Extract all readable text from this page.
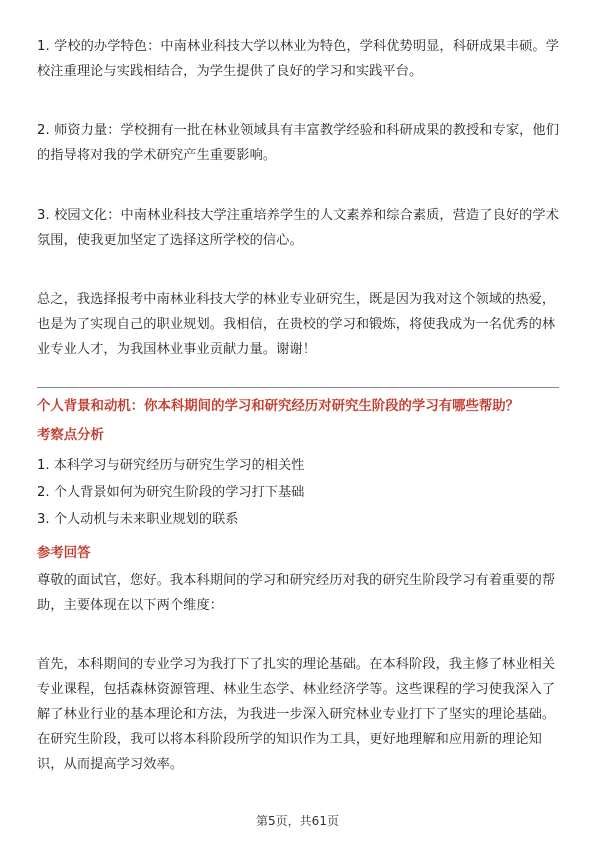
1. 学校的办学特色：中南林业科技大学以林业为特色，学科优势明显，科研成果丰硕。学校注重理论与实践相结合，为学生提供了良好的学习和实践平台。

2. 师资力量：学校拥有一批在林业领域具有丰富教学经验和科研成果的教授和专家，他们的指导将对我的学术研究产生重要影响。

3. 校园文化：中南林业科技大学注重培养学生的人文素养和综合素质，营造了良好的学术氛围，使我更加坚定了选择这所学校的信心。

总之，我选择报考中南林业科技大学的林业专业研究生，既是因为我对这个领域的热爱，也是为了实现自己的职业规划。我相信，在贵校的学习和锻炼，将使我成为一名优秀的林业专业人才，为我国林业事业贡献力量。谢谢！

个人背景和动机：你本科期间的学习和研究经历对研究生阶段的学习有哪些帮助？

考察点分析

1. 本科学习与研究经历与研究生学习的相关性
2. 个人背景如何为研究生阶段的学习打下基础
3. 个人动机与未来职业规划的联系

参考回答

尊敬的面试官，您好。我本科期间的学习和研究经历对我的研究生阶段学习有着重要的帮助，主要体现在以下两个维度：

首先，本科期间的专业学习为我打下了扎实的理论基础。在本科阶段，我主修了林业相关专业课程，包括森林资源管理、林业生态学、林业经济学等。这些课程的学习使我深入了解了林业行业的基本理论和方法，为我进一步深入研究林业专业打下了坚实的理论基础。在研究生阶段，我可以将本科阶段所学的知识作为工具，更好地理解和应用新的理论知识，从而提高学习效率。

第5页，共61页
